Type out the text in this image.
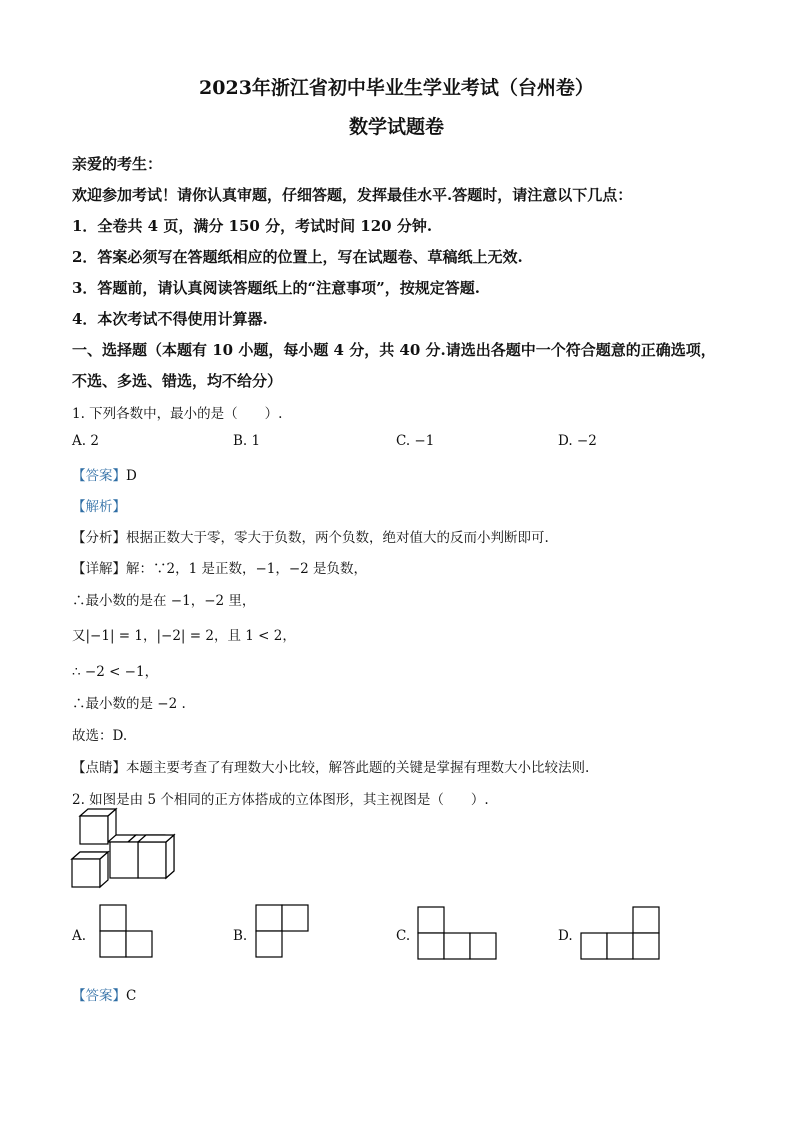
2023年浙江省初中毕业生学业考试（台州卷）
数学试题卷
亲爱的考生：
欢迎参加考试！请你认真审题，仔细答题，发挥最佳水平.答题时，请注意以下几点：
1．全卷共 4 页，满分 150 分，考试时间 120 分钟.
2．答案必须写在答题纸相应的位置上，写在试题卷、草稿纸上无效.
3．答题前，请认真阅读答题纸上的“注意事项”，按规定答题.
4．本次考试不得使用计算器.
一、选择题（本题有 10 小题，每小题 4 分，共 40 分.请选出各题中一个符合题意的正确选项，
不选、多选、错选，均不给分）
1. 下列各数中，最小的是（　　）.
A. 2	B. 1	C. −1	D. −2
【答案】D
【解析】
【分析】根据正数大于零，零大于负数，两个负数，绝对值大的反而小判断即可.
【详解】解：∵2，1 是正数，−1，−2 是负数，
∴最小数的是在 −1，−2 里，
又|−1| = 1，|−2| = 2，且 1 < 2，
∴ −2 < −1，
∴最小数的是 −2 .
故选：D.
【点睛】本题主要考查了有理数大小比较，解答此题的关键是掌握有理数大小比较法则.
2. 如图是由 5 个相同的正方体搭成的立体图形，其主视图是（　　）.
A.	B.	C.	D.
【答案】C
